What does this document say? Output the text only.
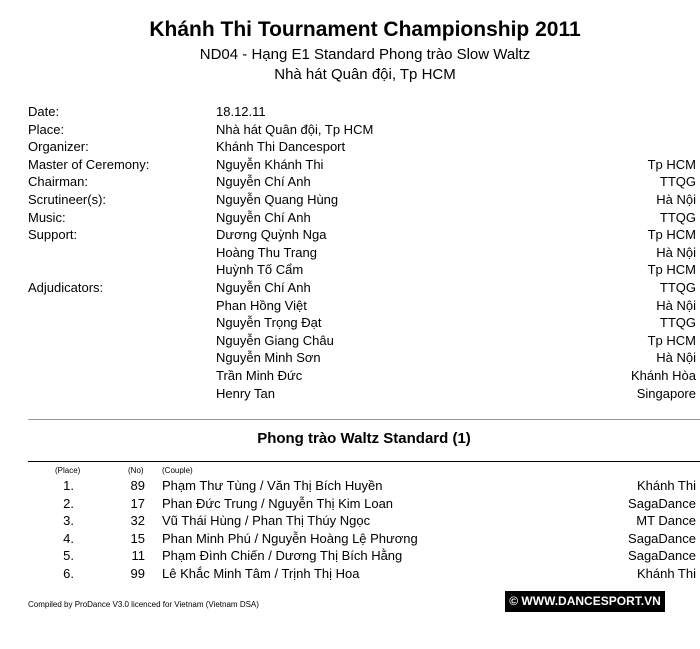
Khánh Thi Tournament Championship 2011
ND04 - Hạng E1 Standard Phong trào Slow Waltz
Nhà hát Quân đội, Tp HCM
Date:	18.12.11
Place:	Nhà hát Quân đội, Tp HCM
Organizer:	Khánh Thi Dancesport
Master of Ceremony:	Nguyễn Khánh Thi	Tp HCM
Chairman:	Nguyễn Chí Anh	TTQG
Scrutineer(s):	Nguyễn Quang Hùng	Hà Nội
Music:	Nguyễn Chí Anh	TTQG
Support:	Dương Quỳnh Nga	Tp HCM
Hoàng Thu Trang	Hà Nội
Huỳnh Tố Cẩm	Tp HCM
Adjudicators:	Nguyễn Chí Anh	TTQG
Phan Hồng Việt	Hà Nội
Nguyễn Trọng Đạt	TTQG
Nguyễn Giang Châu	Tp HCM
Nguyễn Minh Sơn	Hà Nội
Trần Minh Đức	Khánh Hòa
Henry Tan	Singapore
Phong trào Waltz Standard (1)
(Place)	(No) (Couple)
1.	89 Phạm Thư Tùng / Văn Thị Bích Huyền	Khánh Thi
2.	17 Phan Đức Trung / Nguyễn Thị Kim Loan	SagaDance
3.	32 Vũ Thái Hùng / Phan Thị Thúy Ngọc	MT Dance
4.	15 Phan Minh Phú / Nguyễn Hoàng Lệ Phương	SagaDance
5.	11 Phạm Đình Chiến / Dương Thị Bích Hằng	SagaDance
6.	99 Lê Khắc Minh Tâm / Trịnh Thị Hoa	Khánh Thi
Compiled by ProDance V3.0 licenced for Vietnam (Vietnam DSA)	© WWW.DANCESPORT.VN
